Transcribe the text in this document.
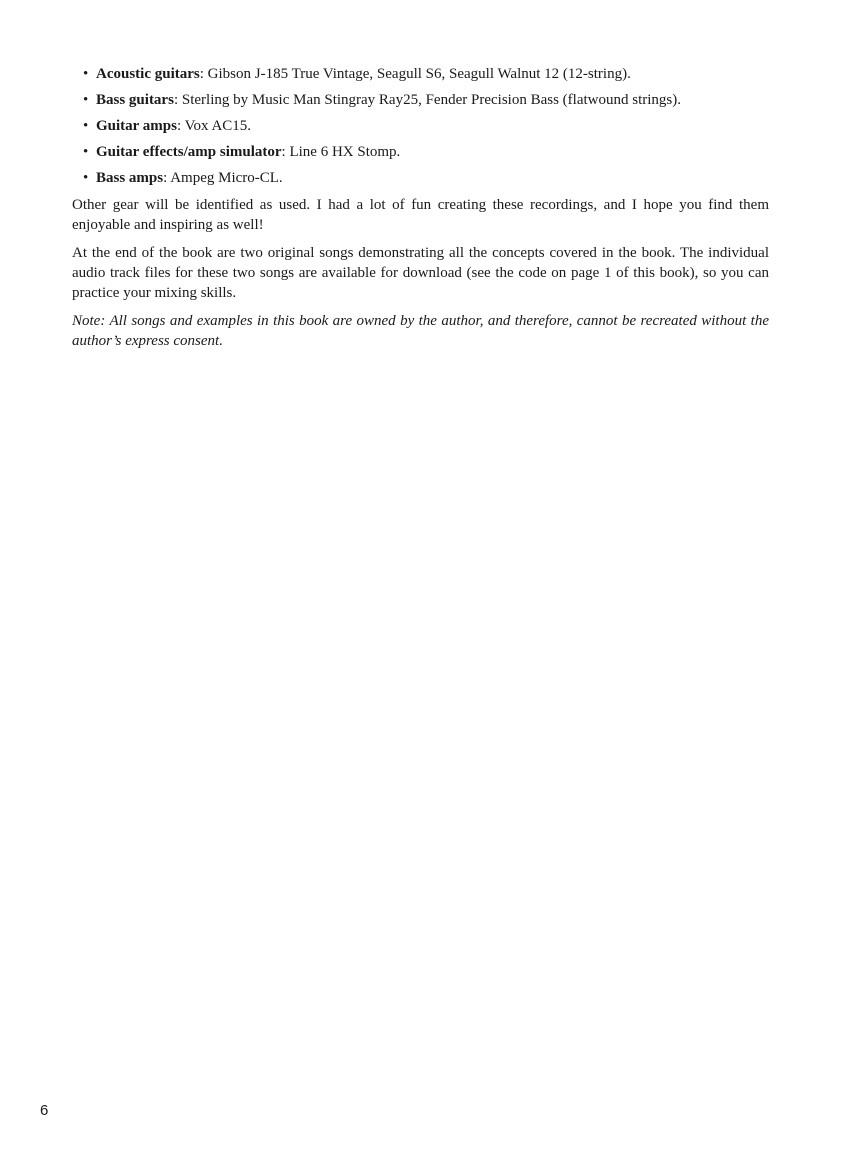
• Acoustic guitars: Gibson J-185 True Vintage, Seagull S6, Seagull Walnut 12 (12-string).
• Bass guitars: Sterling by Music Man Stingray Ray25, Fender Precision Bass (flatwound strings).
• Guitar amps: Vox AC15.
• Guitar effects/amp simulator: Line 6 HX Stomp.
• Bass amps: Ampeg Micro-CL.

Other gear will be identified as used. I had a lot of fun creating these recordings, and I hope you find them enjoyable and inspiring as well!

At the end of the book are two original songs demonstrating all the concepts covered in the book. The individual audio track files for these two songs are available for download (see the code on page 1 of this book), so you can practice your mixing skills.

Note: All songs and examples in this book are owned by the author, and therefore, cannot be recreated without the author’s express consent.

6
